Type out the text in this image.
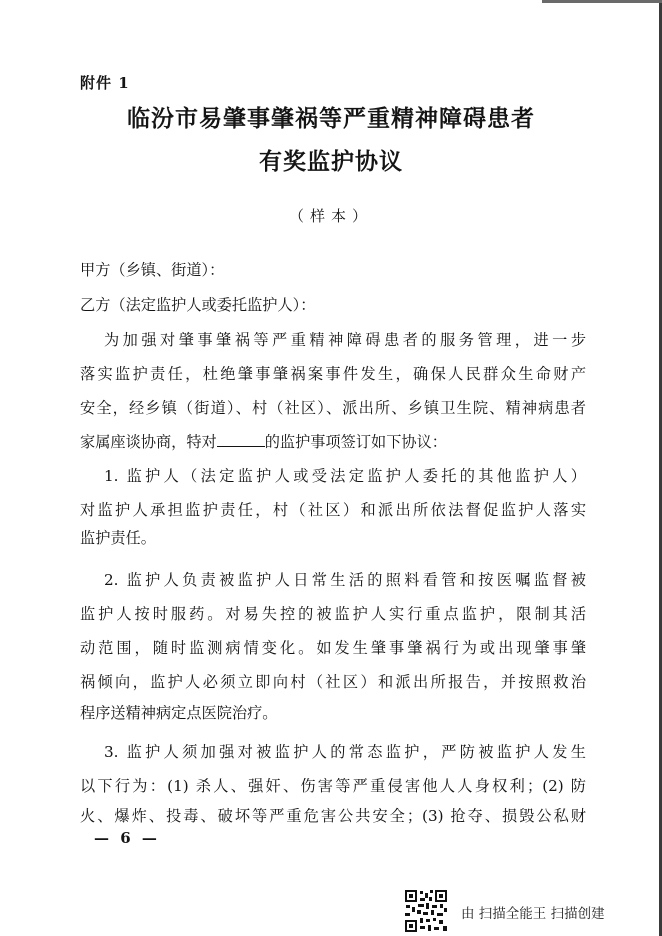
附件 1
临汾市易肇事肇祸等严重精神障碍患者
有奖监护协议
（样本）
甲方（乡镇、街道）：
乙方（法定监护人或委托监护人）：
为加强对肇事肇祸等严重精神障碍患者的服务管理，进一步
落实监护责任，杜绝肇事肇祸案事件发生，确保人民群众生命财产
安全，经乡镇（街道）、村（社区）、派出所、乡镇卫生院、精神病患者
家属座谈协商，特对	的监护事项签订如下协议：
1. 监护人（法定监护人或受法定监护人委托的其他监护人）
对监护人承担监护责任，村（社区）和派出所依法督促监护人落实
监护责任。
2. 监护人负责被监护人日常生活的照料看管和按医嘱监督被
监护人按时服药。对易失控的被监护人实行重点监护，限制其活
动范围，随时监测病情变化。如发生肇事肇祸行为或出现肇事肇
祸倾向，监护人必须立即向村（社区）和派出所报告，并按照救治
程序送精神病定点医院治疗。
3. 监护人须加强对被监护人的常态监护，严防被监护人发生
以下行为：(1) 杀人、强奸、伤害等严重侵害他人人身权利；(2) 防
火、爆炸、投毒、破坏等严重危害公共安全；(3) 抢夺、损毁公私财
— 6 —
由 扫描全能王 扫描创建
